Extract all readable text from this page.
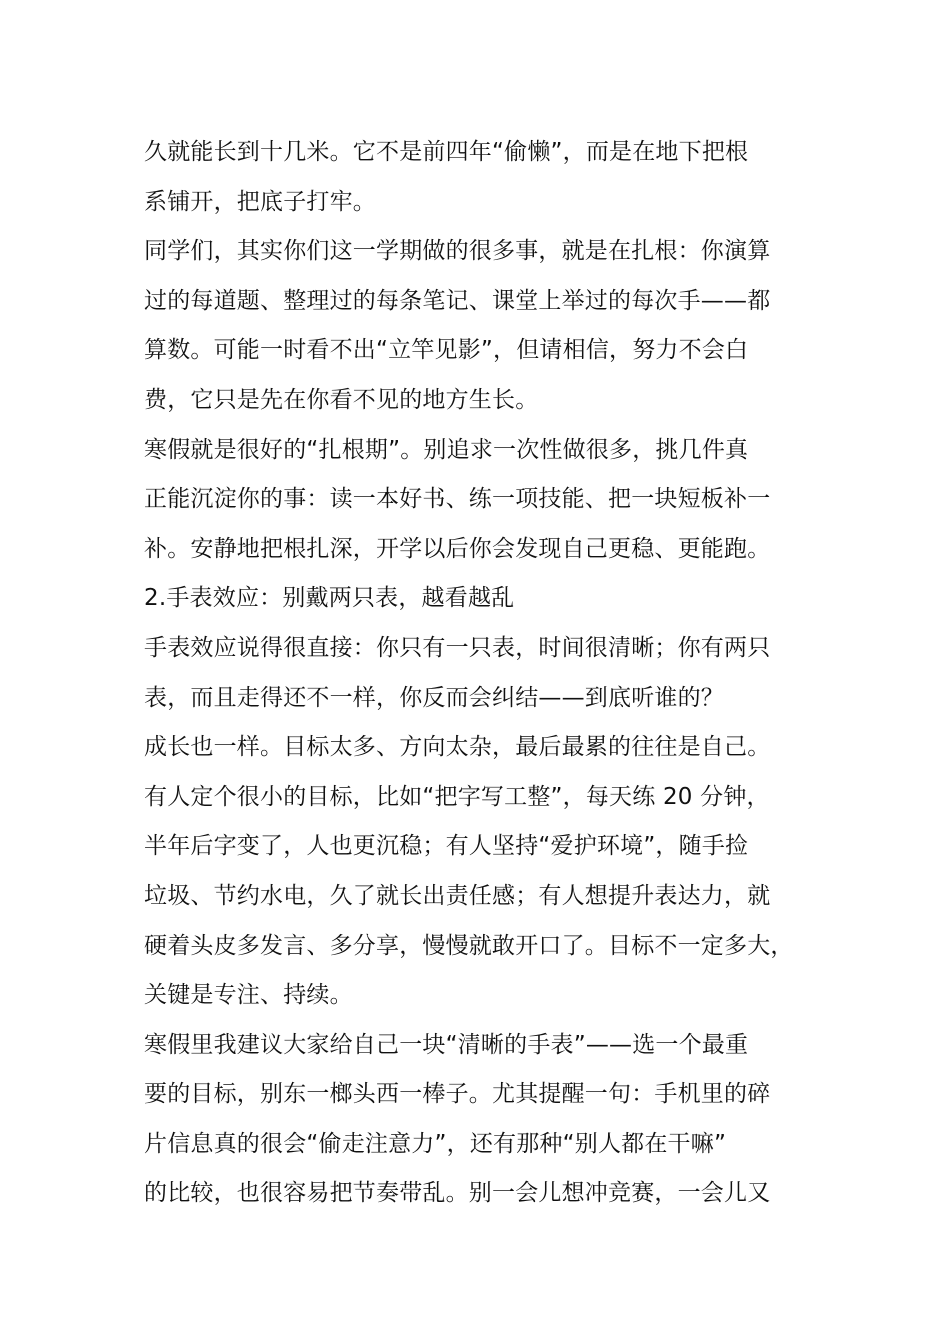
久就能长到十几米。它不是前四年“偷懒”，而是在地下把根
系铺开，把底子打牢。
同学们，其实你们这一学期做的很多事，就是在扎根：你演算
过的每道题、整理过的每条笔记、课堂上举过的每次手——都
算数。可能一时看不出“立竿见影”，但请相信，努力不会白
费，它只是先在你看不见的地方生长。
寒假就是很好的“扎根期”。别追求一次性做很多，挑几件真
正能沉淀你的事：读一本好书、练一项技能、把一块短板补一
补。安静地把根扎深，开学以后你会发现自己更稳、更能跑。
2.手表效应：别戴两只表，越看越乱
手表效应说得很直接：你只有一只表，时间很清晰；你有两只
表，而且走得还不一样，你反而会纠结——到底听谁的？
成长也一样。目标太多、方向太杂，最后最累的往往是自己。
有人定个很小的目标，比如“把字写工整”，每天练 20 分钟，
半年后字变了，人也更沉稳；有人坚持“爱护环境”，随手捡
垃圾、节约水电，久了就长出责任感；有人想提升表达力，就
硬着头皮多发言、多分享，慢慢就敢开口了。目标不一定多大，
关键是专注、持续。
寒假里我建议大家给自己一块“清晰的手表”——选一个最重
要的目标，别东一榔头西一棒子。尤其提醒一句：手机里的碎
片信息真的很会“偷走注意力”，还有那种“别人都在干嘛”
的比较，也很容易把节奏带乱。别一会儿想冲竞赛，一会儿又
